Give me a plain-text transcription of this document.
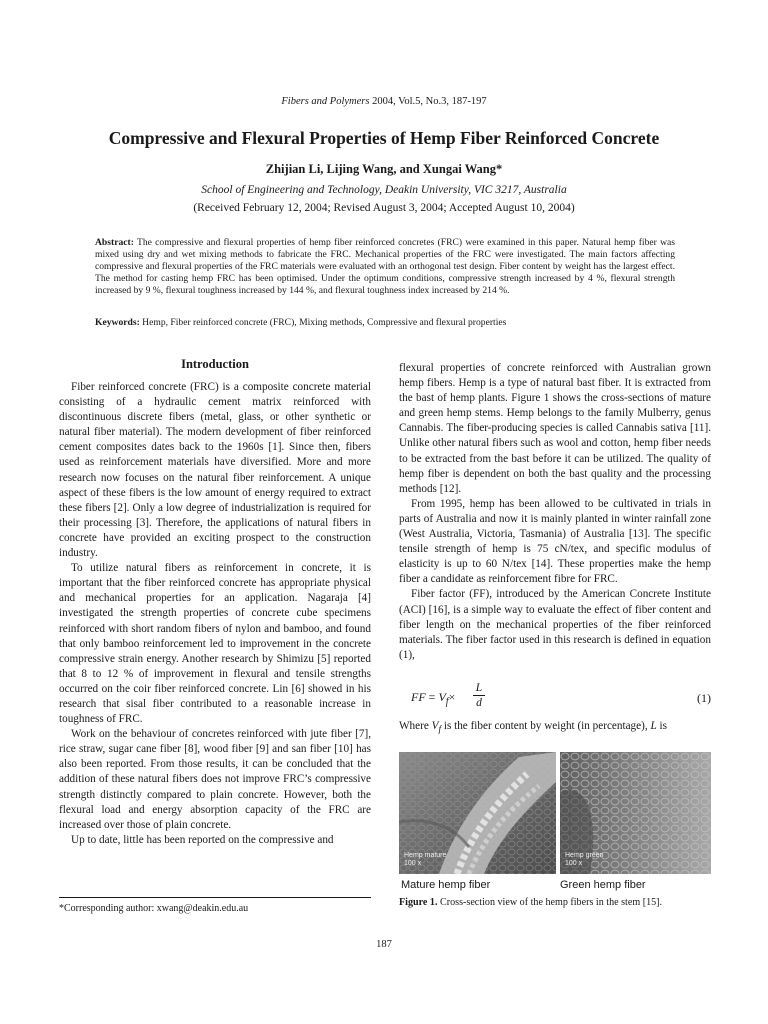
Fibers and Polymers 2004, Vol.5, No.3, 187-197
Compressive and Flexural Properties of Hemp Fiber Reinforced Concrete
Zhijian Li, Lijing Wang, and Xungai Wang*
School of Engineering and Technology, Deakin University, VIC 3217, Australia
(Received February 12, 2004; Revised August 3, 2004; Accepted August 10, 2004)
Abstract: The compressive and flexural properties of hemp fiber reinforced concretes (FRC) were examined in this paper. Natural hemp fiber was mixed using dry and wet mixing methods to fabricate the FRC. Mechanical properties of the FRC were investigated. The main factors affecting compressive and flexural properties of the FRC materials were evaluated with an orthogonal test design. Fiber content by weight has the largest effect. The method for casting hemp FRC has been optimised. Under the optimum conditions, compressive strength increased by 4 %, flexural strength increased by 9 %, flexural toughness increased by 144 %, and flexural toughness index increased by 214 %.
Keywords: Hemp, Fiber reinforced concrete (FRC), Mixing methods, Compressive and flexural properties
Introduction

Fiber reinforced concrete (FRC) is a composite concrete material consisting of a hydraulic cement matrix reinforced with discontinuous discrete fibers (metal, glass, or other synthetic or natural fiber material). The modern development of fiber reinforced cement composites dates back to the 1960s [1]. Since then, fibers used as reinforcement materials have diversified. More and more research now focuses on the natural fiber reinforcement. A unique aspect of these fibers is the low amount of energy required to extract these fibers [2]. Only a low degree of industrialization is required for their processing [3]. Therefore, the applications of natural fibers in concrete have provided an exciting prospect to the construction industry.

To utilize natural fibers as reinforcement in concrete, it is important that the fiber reinforced concrete has appropriate physical and mechanical properties for an application. Nagaraja [4] investigated the strength properties of concrete cube specimens reinforced with short random fibers of nylon and bamboo, and found that only bamboo reinforcement led to improvement in the concrete compressive strain energy. Another research by Shimizu [5] reported that 8 to 12 % of improvement in flexural and tensile strengths occurred on the coir fiber reinforced concrete. Lin [6] showed in his research that sisal fiber contributed to a reasonable increase in toughness of FRC.

Work on the behaviour of concretes reinforced with jute fiber [7], rice straw, sugar cane fiber [8], wood fiber [9] and san fiber [10] has also been reported. From those results, it can be concluded that the addition of these natural fibers does not improve FRC’s compressive strength distinctly compared to plain concrete. However, both the flexural load and energy absorption capacity of the FRC are increased over those of plain concrete.

Up to date, little has been reported on the compressive and

flexural properties of concrete reinforced with Australian grown hemp fibers. Hemp is a type of natural bast fiber. It is extracted from the bast of hemp plants. Figure 1 shows the cross-sections of mature and green hemp stems. Hemp belongs to the family Mulberry, genus Cannabis. The fiber-producing species is called Cannabis sativa [11]. Unlike other natural fibers such as wool and cotton, hemp fiber needs to be extracted from the bast before it can be utilized. The quality of hemp fiber is dependent on both the bast quality and the processing methods [12].

From 1995, hemp has been allowed to be cultivated in trials in parts of Australia and now it is mainly planted in winter rainfall zone (West Australia, Victoria, Tasmania) of Australia [13]. The specific tensile strength of hemp is 75 cN/tex, and specific modulus of elasticity is up to 60 N/tex [14]. These properties make the hemp fiber a candidate as reinforcement fibre for FRC.

Fiber factor (FF), introduced by the American Concrete Institute (ACI) [16], is a simple way to evaluate the effect of fiber content and fiber length on the mechanical properties of the fiber reinforced materials. The fiber factor used in this research is defined in equation (1),

FF = $V_f\times$
L
d	(1)
Where $V_f$ is the fiber content by weight (in percentage), L is
Hemp mature
100 x
Hemp green
100 x
Mature hemp fiber	Green hemp fiber
Figure 1. Cross-section view of the hemp fibers in the stem [15].
*Corresponding author: xwang@deakin.edu.au
187
